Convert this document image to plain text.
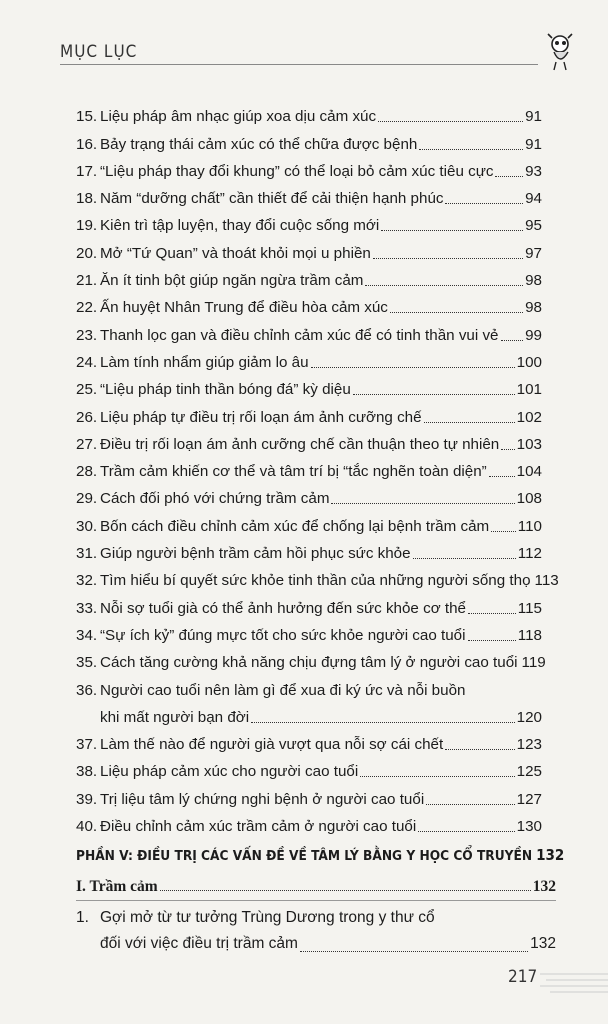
MỤC LỤC
15. Liệu pháp âm nhạc giúp xoa dịu cảm xúc	91
16. Bảy trạng thái cảm xúc có thể chữa được bệnh	91
17. “Liệu pháp thay đổi khung” có thể loại bỏ cảm xúc tiêu cực 93
18. Năm “dưỡng chất” cần thiết để cải thiện hạnh phúc	94
19. Kiên trì tập luyện, thay đổi cuộc sống mới	95
20. Mở “Tứ Quan” và thoát khỏi mọi u phiền	97
21. Ăn ít tinh bột giúp ngăn ngừa trầm cảm	98
22. Ấn huyệt Nhân Trung để điều hòa cảm xúc	98
23. Thanh lọc gan và điều chỉnh cảm xúc để có tinh thần vui vẻ 99
24. Làm tính nhẩm giúp giảm lo âu	100
25. “Liệu pháp tinh thần bóng đá” kỳ diệu	101
26. Liệu pháp tự điều trị rối loạn ám ảnh cưỡng chế	102
27. Điều trị rối loạn ám ảnh cưỡng chế cần thuận theo tự nhiên 103
28. Trầm cảm khiến cơ thể và tâm trí bị “tắc nghẽn toàn diện” 104
29. Cách đối phó với chứng trầm cảm	108
30. Bốn cách điều chỉnh cảm xúc để chống lại bệnh trầm cảm 110
31. Giúp người bệnh trầm cảm hồi phục sức khỏe	112
32. Tìm hiểu bí quyết sức khỏe tinh thần của những người sống thọ 113
33. Nỗi sợ tuổi già có thể ảnh hưởng đến sức khỏe cơ thể	115
34. “Sự ích kỷ” đúng mực tốt cho sức khỏe người cao tuổi	118
35. Cách tăng cường khả năng chịu đựng tâm lý ở người cao tuổi 119
36. Người cao tuổi nên làm gì để xua đi ký ức và nỗi buồn
khi mất người bạn đời	120
37. Làm thế nào để người già vượt qua nỗi sợ cái chết	123
38. Liệu pháp cảm xúc cho người cao tuổi	125
39. Trị liệu tâm lý chứng nghi bệnh ở người cao tuổi	127
40. Điều chỉnh cảm xúc trầm cảm ở người cao tuổi	130
PHẦN V: ĐIỀU TRỊ CÁC VẤN ĐỀ VỀ TÂM LÝ BẰNG Y HỌC CỔ TRUYỀN 132
I. Trầm cảm	132
1. Gợi mở từ tư tưởng Trùng Dương trong y thư cổ
đối với việc điều trị trầm cảm	132
217
